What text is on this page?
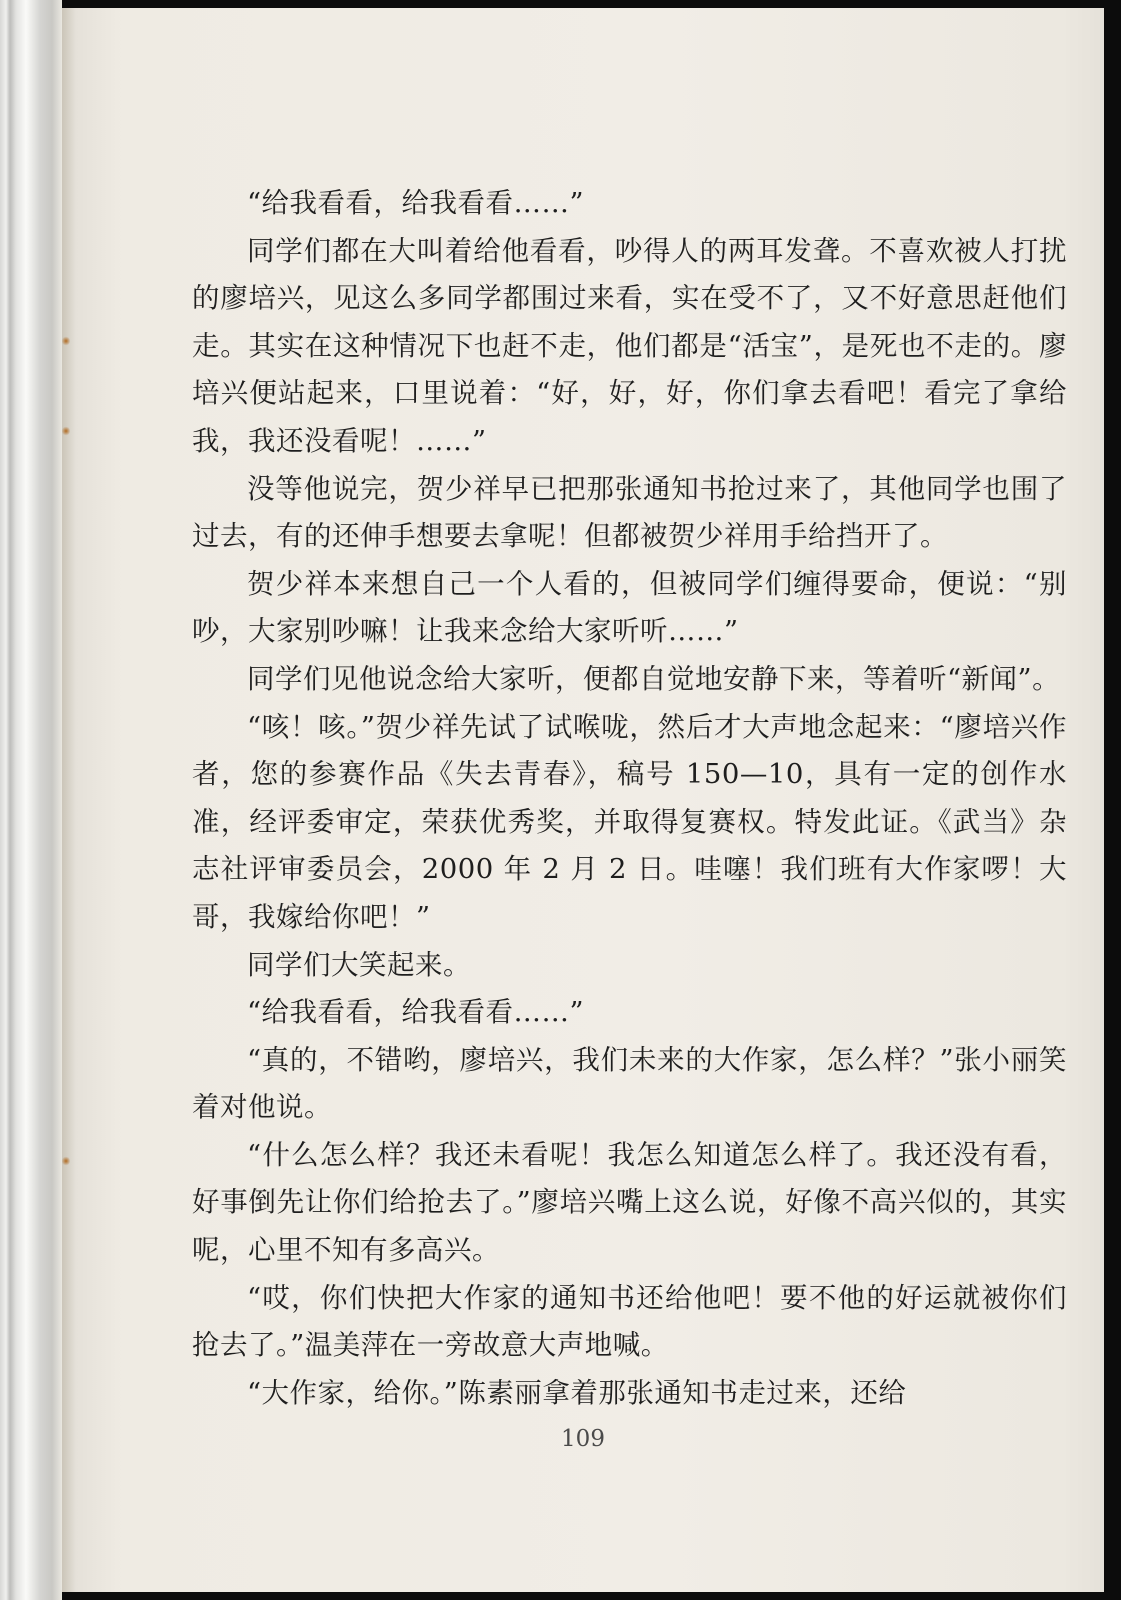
“给我看看，给我看看……”

同学们都在大叫着给他看看，吵得人的两耳发聋。不喜欢被人打扰的廖培兴，见这么多同学都围过来看，实在受不了，又不好意思赶他们走。其实在这种情况下也赶不走，他们都是“活宝”，是死也不走的。廖培兴便站起来，口里说着：“好，好，好，你们拿去看吧！看完了拿给我，我还没看呢！……”

没等他说完，贺少祥早已把那张通知书抢过来了，其他同学也围了过去，有的还伸手想要去拿呢！但都被贺少祥用手给挡开了。

贺少祥本来想自己一个人看的，但被同学们缠得要命，便说：“别吵，大家别吵嘛！让我来念给大家听听……”

同学们见他说念给大家听，便都自觉地安静下来，等着听“新闻”。

“咳！咳。”贺少祥先试了试喉咙，然后才大声地念起来：“廖培兴作者，您的参赛作品《失去青春》，稿号 150—10，具有一定的创作水准，经评委审定，荣获优秀奖，并取得复赛权。特发此证。《武当》杂志社评审委员会，2000 年 2 月 2 日。哇噻！我们班有大作家啰！大哥，我嫁给你吧！”

同学们大笑起来。

“给我看看，给我看看……”

“真的，不错哟，廖培兴，我们未来的大作家，怎么样？”张小丽笑着对他说。

“什么怎么样？我还未看呢！我怎么知道怎么样了。我还没有看，好事倒先让你们给抢去了。”廖培兴嘴上这么说，好像不高兴似的，其实呢，心里不知有多高兴。

“哎，你们快把大作家的通知书还给他吧！要不他的好运就被你们抢去了。”温美萍在一旁故意大声地喊。

“大作家，给你。”陈素丽拿着那张通知书走过来，还给

109
